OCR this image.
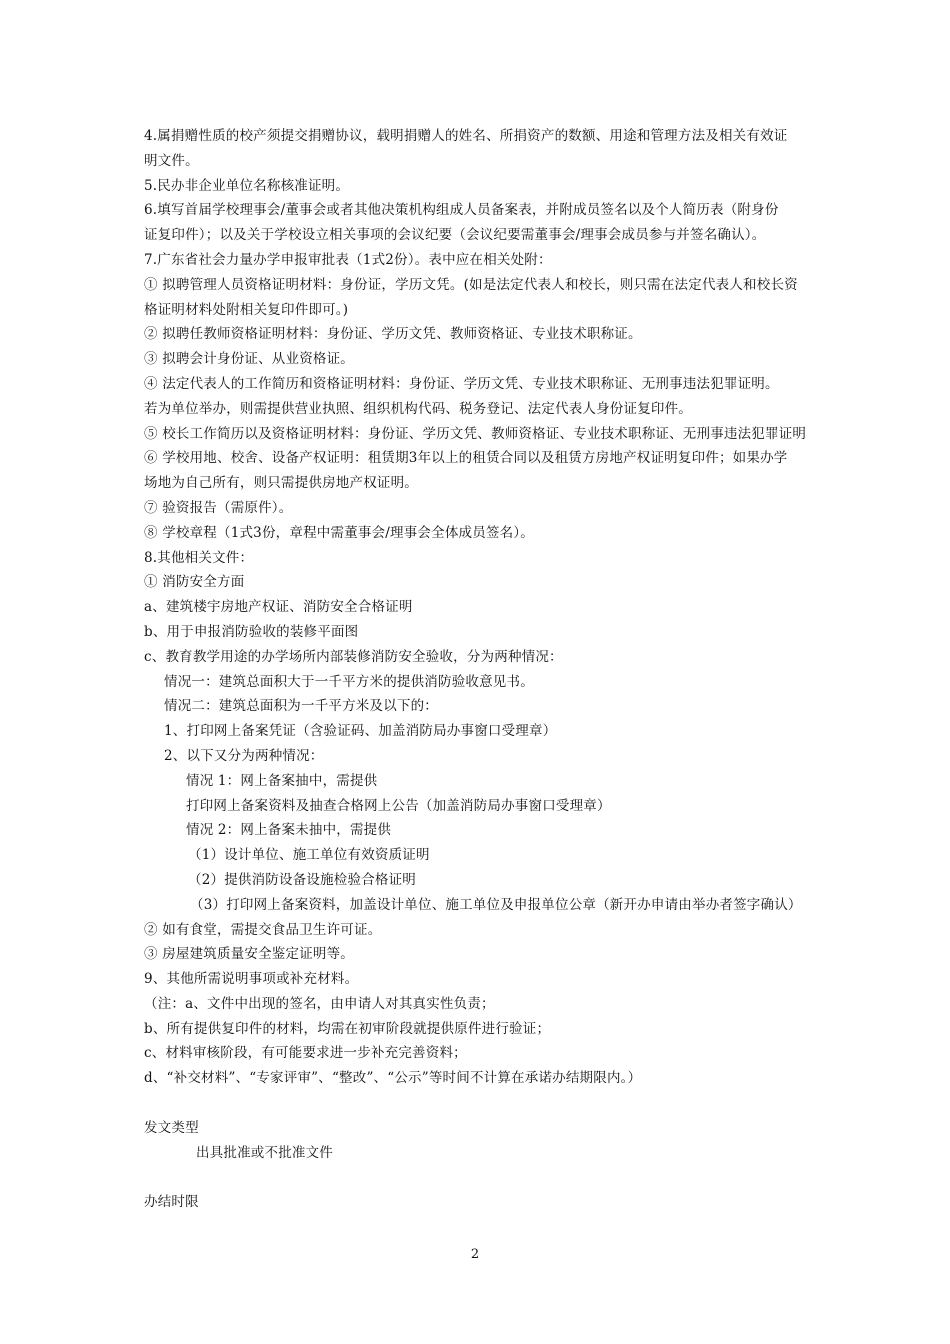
4.属捐赠性质的校产须提交捐赠协议，载明捐赠人的姓名、所捐资产的数额、用途和管理方法及相关有效证
明文件。
5.民办非企业单位名称核准证明。
6.填写首届学校理事会/董事会或者其他决策机构组成人员备案表，并附成员签名以及个人简历表（附身份
证复印件）；以及关于学校设立相关事项的会议纪要（会议纪要需董事会/理事会成员参与并签名确认）。
7.广东省社会力量办学申报审批表（1式2份）。表中应在相关处附：
① 拟聘管理人员资格证明材料：身份证，学历文凭。(如是法定代表人和校长，则只需在法定代表人和校长资
格证明材料处附相关复印件即可。)
② 拟聘任教师资格证明材料：身份证、学历文凭、教师资格证、专业技术职称证。
③ 拟聘会计身份证、从业资格证。
④ 法定代表人的工作简历和资格证明材料：身份证、学历文凭、专业技术职称证、无刑事违法犯罪证明。
若为单位举办，则需提供营业执照、组织机构代码、税务登记、法定代表人身份证复印件。
⑤ 校长工作简历以及资格证明材料：身份证、学历文凭、教师资格证、专业技术职称证、无刑事违法犯罪证明
⑥ 学校用地、校舍、设备产权证明：租赁期3年以上的租赁合同以及租赁方房地产权证明复印件；如果办学
场地为自己所有，则只需提供房地产权证明。
⑦ 验资报告（需原件）。
⑧ 学校章程（1式3份，章程中需董事会/理事会全体成员签名）。
8.其他相关文件：
① 消防安全方面
a、建筑楼宇房地产权证、消防安全合格证明
b、用于申报消防验收的装修平面图
c、教育教学用途的办学场所内部装修消防安全验收，分为两种情况：
情况一：建筑总面积大于一千平方米的提供消防验收意见书。
情况二：建筑总面积为一千平方米及以下的：
1、打印网上备案凭证（含验证码、加盖消防局办事窗口受理章）
2、以下又分为两种情况：
情况 1：网上备案抽中，需提供
打印网上备案资料及抽查合格网上公告（加盖消防局办事窗口受理章）
情况 2：网上备案未抽中，需提供
（1）设计单位、施工单位有效资质证明
（2）提供消防设备设施检验合格证明
（3）打印网上备案资料，加盖设计单位、施工单位及申报单位公章（新开办申请由举办者签字确认）
② 如有食堂，需提交食品卫生许可证。
③ 房屋建筑质量安全鉴定证明等。
9、其他所需说明事项或补充材料。
（注：a、文件中出现的签名，由申请人对其真实性负责；
b、所有提供复印件的材料，均需在初审阶段就提供原件进行验证；
c、材料审核阶段，有可能要求进一步补充完善资料；
d、“补交材料”、“专家评审”、“整改”、“公示”等时间不计算在承诺办结期限内。）
发文类型
出具批准或不批准文件
办结时限
2
